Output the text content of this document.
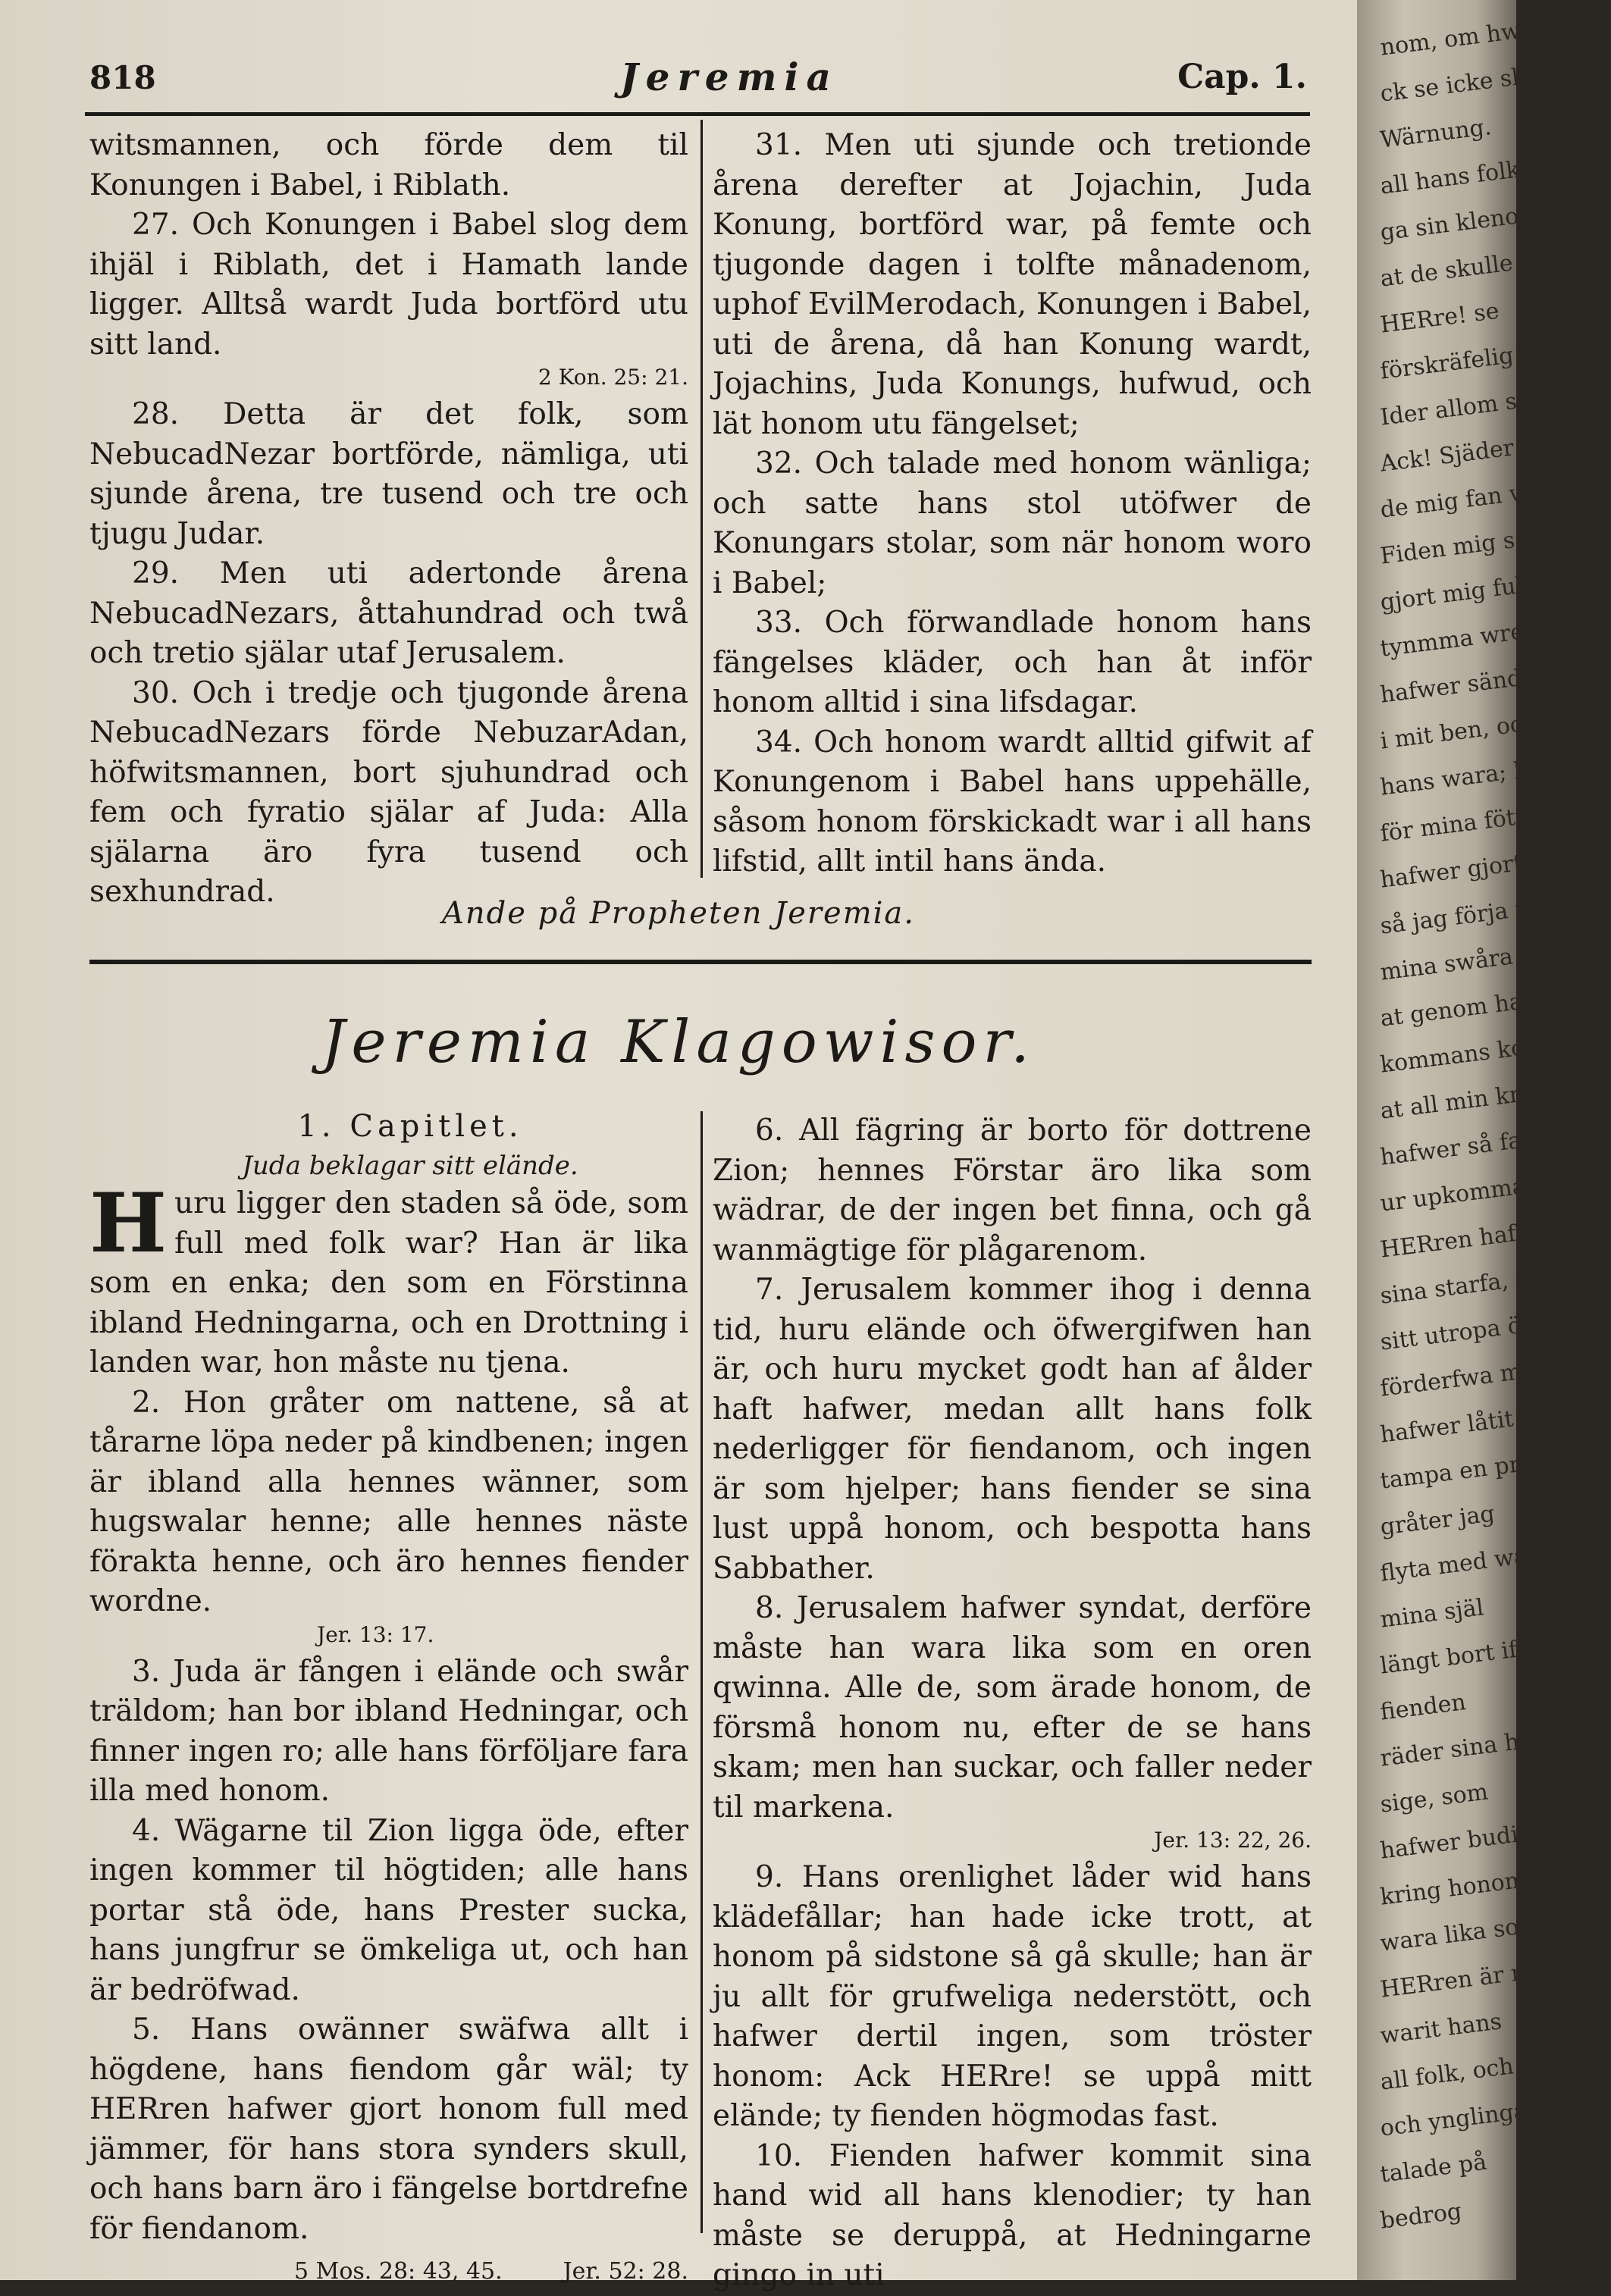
818	Jeremia	Cap. 1.

witsmannen, och förde dem til Konungen i Babel, i Riblath.

27. Och Konungen i Babel slog dem ihjäl i Riblath, det i Hamath lande ligger. Alltså wardt Juda bortförd utu sitt land.

2 Kon. 25: 21.

28. Detta är det folk, som NebucadNezar bortförde, nämliga, uti sjunde årena, tre tusend och tre och tjugu Judar.

29. Men uti adertonde årena NebucadNezars, åttahundrad och twå och tretio själar utaf Jerusalem.

30. Och i tredje och tjugonde årena NebucadNezars förde NebuzarAdan, höfwitsmannen, bort sjuhundrad och fem och fyratio själar af Juda: Alla själarna äro fyra tusend och sexhundrad.

31. Men uti sjunde och tretionde årena derefter at Jojachin, Juda Konung, bortförd war, på femte och tjugonde dagen i tolfte månadenom, uphof EvilMerodach, Konungen i Babel, uti de årena, då han Konung wardt, Jojachins, Juda Konungs, hufwud, och lät honom utu fängelset;

32. Och talade med honom wänliga; och satte hans stol utöfwer de Konungars stolar, som när honom woro i Babel;

33. Och förwandlade honom hans fängelses kläder, och han åt inför honom alltid i sina lifsdagar.

34. Och honom wardt alltid gifwit af Konungenom i Babel hans uppehälle, såsom honom förskickadt war i all hans lifstid, allt intil hans ända.

Ande på Propheten Jeremia.
Jeremia Klagowisor.

1. Capitlet.

Juda beklagar sitt elände.

Huru ligger den staden så öde, som full med folk war? Han är lika som en enka; den som en Förstinna ibland Hedningarna, och en Drottning i landen war, hon måste nu tjena.

2. Hon gråter om nattene, så at tårarne löpa neder på kindbenen; ingen är ibland alla hennes wänner, som hugswalar henne; alle hennes näste förakta henne, och äro hennes fiender wordne.

Jer. 13: 17.

3. Juda är fången i elände och swår träldom; han bor ibland Hedningar, och finner ingen ro; alle hans förföljare fara illa med honom.

4. Wägarne til Zion ligga öde, efter ingen kommer til högtiden; alle hans portar stå öde, hans Prester sucka, hans jungfrur se ömkeliga ut, och han är bedröfwad.

5. Hans owänner swäfwa allt i högdene, hans fiendom går wäl; ty HERren hafwer gjort honom full med jämmer, för hans stora synders skull, och hans barn äro i fängelse bortdrefne för fiendanom.

5 Mos. 28: 43, 45.	Jer. 52: 28.

6. All fägring är borto för dottrene Zion; hennes Förstar äro lika som wädrar, de der ingen bet finna, och gå wanmägtige för plågarenom.

7. Jerusalem kommer ihog i denna tid, huru elände och öfwergifwen han är, och huru mycket godt han af ålder haft hafwer, medan allt hans folk nederligger för fiendanom, och ingen är som hjelper; hans fiender se sina lust uppå honom, och bespotta hans Sabbather.

8. Jerusalem hafwer syndat, derföre måste han wara lika som en oren qwinna. Alle de, som ärade honom, de försmå honom nu, efter de se hans skam; men han suckar, och faller neder til markena.

Jer. 13: 22, 26.

9. Hans orenlighet låder wid hans klädefållar; han hade icke trott, at honom på sidstone så gå skulle; han är ju allt för grufweliga nederstött, och hafwer dertil ingen, som tröster honom: Ack HERre! se uppå mitt elände; ty fienden högmodas fast.

10. Fienden hafwer kommit sina hand wid all hans klenodier; ty han måste se deruppå, at Hedningarne gingo in uti

nom, om hwil
ck se icke skulle
Wärnung.
all hans folk suc
ga sin klenodier
at de skulle wede
HERre! se
förskräfelig jag n
Ider allom säger j
Ack! Sjäder
de mig fan wara
Fiden mig så upfäte
gjort mig full m
tynmma wredes da
hafwer sändt
i mit ben, och
hans wara; han
för mina fötter, och
hafwer gjort
så jag förja måste
mina swåra synd
at genom hans
kommans kommit
at all min kraft
hafwer så farit m
ur upkomma kan.
HERren hafwer
sina starfa, som jag
sitt utropa öfwer
förderfwa mina
hafwer låtit jung
tampa en pråg
gråter jag
flyta med wa
mina själ
längt bort ifrå
fienden
räder sina hän
sige, som
hafwer budit a
kring honom, at Jer
wara lika son
HERren är rätt
warit hans
all folk, och se
och ynglingar
talade på
bedrog
